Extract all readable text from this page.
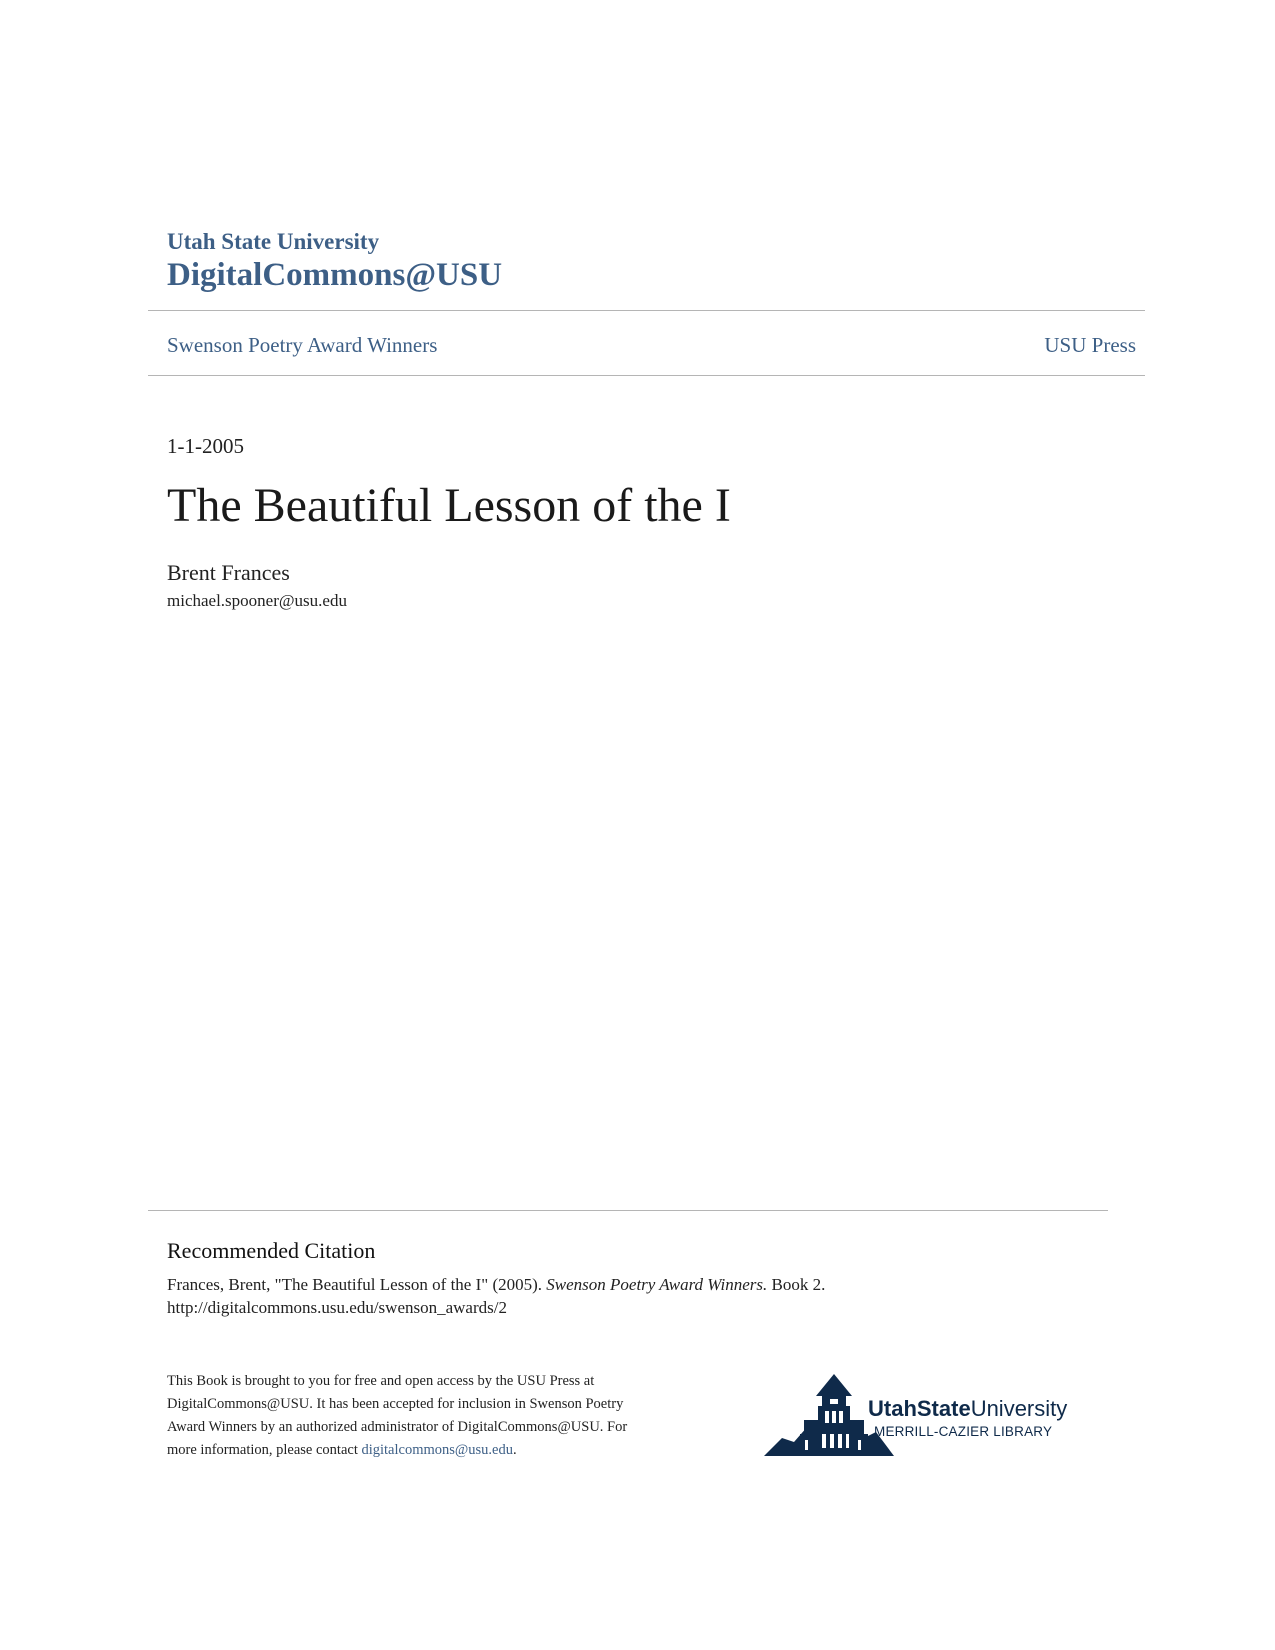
Utah State University
DigitalCommons@USU
Swenson Poetry Award Winners	USU Press
1-1-2005
The Beautiful Lesson of the I
Brent Frances
michael.spooner@usu.edu
Recommended Citation
Frances, Brent, "The Beautiful Lesson of the I" (2005). Swenson Poetry Award Winners. Book 2.
http://digitalcommons.usu.edu/swenson_awards/2
This Book is brought to you for free and open access by the USU Press at DigitalCommons@USU. It has been accepted for inclusion in Swenson Poetry Award Winners by an authorized administrator of DigitalCommons@USU. For more information, please contact digitalcommons@usu.edu.
UtahStateUniversity
MERRILL-CAZIER LIBRARY
